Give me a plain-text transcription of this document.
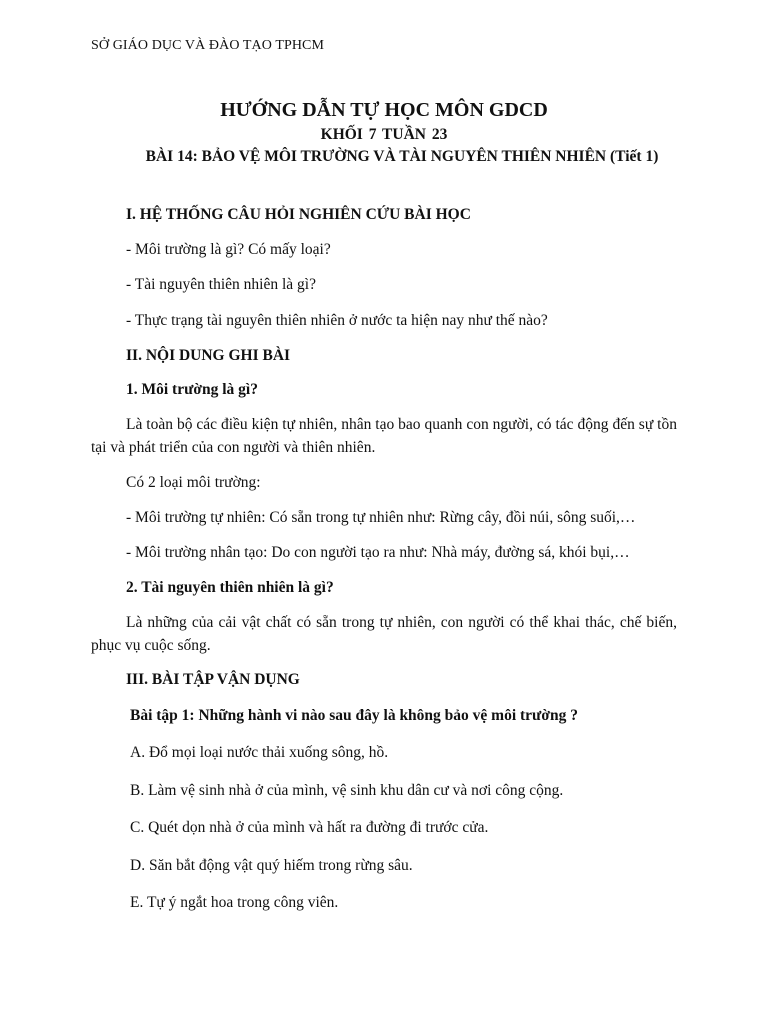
SỞ GIÁO DỤC VÀ ĐÀO TẠO TPHCM

HƯỚNG DẪN TỰ HỌC MÔN GDCD

KHỐI 7 TUẦN 23

BÀI 14: BẢO VỆ MÔI TRƯỜNG VÀ TÀI NGUYÊN THIÊN NHIÊN (Tiết 1)

I. HỆ THỐNG CÂU HỎI NGHIÊN CỨU BÀI HỌC

- Môi trường là gì? Có mấy loại?

- Tài nguyên thiên nhiên là gì?

- Thực trạng tài nguyên thiên nhiên ở nước ta hiện nay như thế nào?

II. NỘI DUNG GHI BÀI

1. Môi trường là gì?

Là toàn bộ các điều kiện tự nhiên, nhân tạo bao quanh con người, có tác động đến sự tồn tại và phát triển của con người và thiên nhiên.

Có 2 loại môi trường:

- Môi trường tự nhiên: Có sẵn trong tự nhiên như: Rừng cây, đồi núi, sông suối,…

- Môi trường nhân tạo: Do con người tạo ra như: Nhà máy, đường sá, khói bụi,…

2. Tài nguyên thiên nhiên là gì?

Là những của cải vật chất có sẵn trong tự nhiên, con người có thể khai thác, chế biến, phục vụ cuộc sống.

III. BÀI TẬP VẬN DỤNG

Bài tập 1: Những hành vi nào sau đây là không bảo vệ môi trường ?

A. Đổ mọi loại nước thải xuống sông, hồ.

B. Làm vệ sinh nhà ở của mình, vệ sinh khu dân cư và nơi công cộng.

C. Quét dọn nhà ở của mình và hất ra đường đi trước cửa.

D. Săn bắt động vật quý hiếm trong rừng sâu.

E. Tự ý ngắt hoa trong công viên.
